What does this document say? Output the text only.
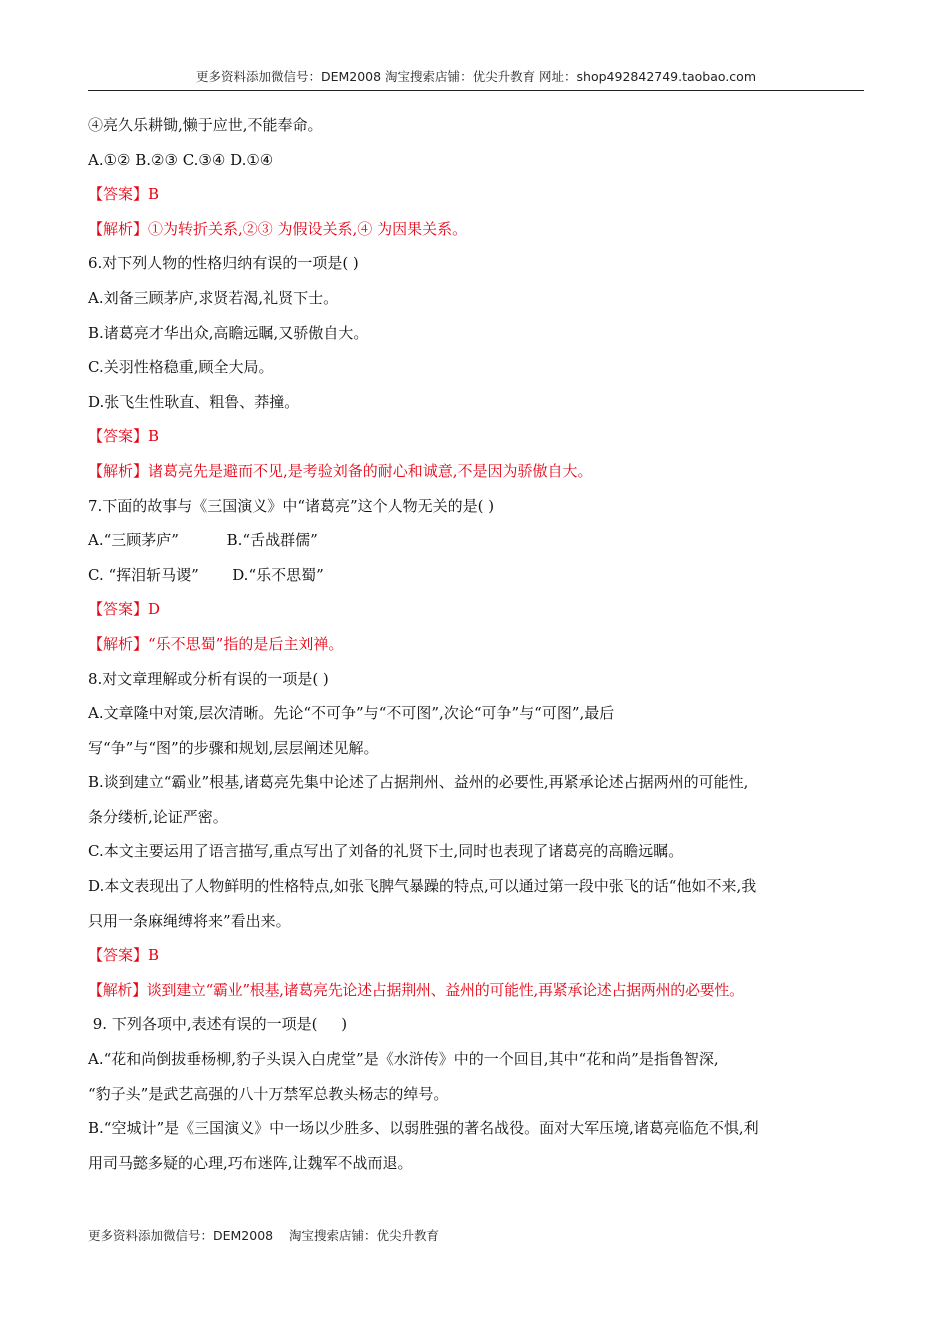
更多资料添加微信号：DEM2008 淘宝搜索店铺：优尖升教育 网址：shop492842749.taobao.com
④亮久乐耕锄,懒于应世,不能奉命。
A.①② B.②③ C.③④ D.①④
【答案】B
【解析】①为转折关系,②③ 为假设关系,④ 为因果关系。
6.对下列人物的性格归纳有误的一项是( )
A.刘备三顾茅庐,求贤若渴,礼贤下士。
B.诸葛亮才华出众,高瞻远瞩,又骄傲自大。
C.关羽性格稳重,顾全大局。
D.张飞生性耿直、粗鲁、莽撞。
【答案】B
【解析】诸葛亮先是避而不见,是考验刘备的耐心和诚意,不是因为骄傲自大。
7.下面的故事与《三国演义》中“诸葛亮”这个人物无关的是( )
A.“三顾茅庐”          B.“舌战群儒”
C. “挥泪斩马谡”       D.“乐不思蜀”
【答案】D
【解析】“乐不思蜀”指的是后主刘禅。
8.对文章理解或分析有误的一项是( )
A.文章隆中对策,层次清晰。先论“不可争”与“不可图”,次论“可争”与“可图”,最后
写“争”与“图”的步骤和规划,层层阐述见解。
B.谈到建立“霸业”根基,诸葛亮先集中论述了占据荆州、益州的必要性,再紧承论述占据两州的可能性,
条分缕析,论证严密。
C.本文主要运用了语言描写,重点写出了刘备的礼贤下士,同时也表现了诸葛亮的高瞻远瞩。
D.本文表现出了人物鲜明的性格特点,如张飞脾气暴躁的特点,可以通过第一段中张飞的话“他如不来,我
只用一条麻绳缚将来”看出来。
【答案】B
【解析】谈到建立“霸业”根基,诸葛亮先论述占据荆州、益州的可能性,再紧承论述占据两州的必要性。
9. 下列各项中,表述有误的一项是(     )
A.“花和尚倒拔垂杨柳,豹子头误入白虎堂”是《水浒传》中的一个回目,其中“花和尚”是指鲁智深,
“豹子头”是武艺高强的八十万禁军总教头杨志的绰号。
B.“空城计”是《三国演义》中一场以少胜多、以弱胜强的著名战役。面对大军压境,诸葛亮临危不惧,利
用司马懿多疑的心理,巧布迷阵,让魏军不战而退。
更多资料添加微信号：DEM2008    淘宝搜索店铺：优尖升教育
